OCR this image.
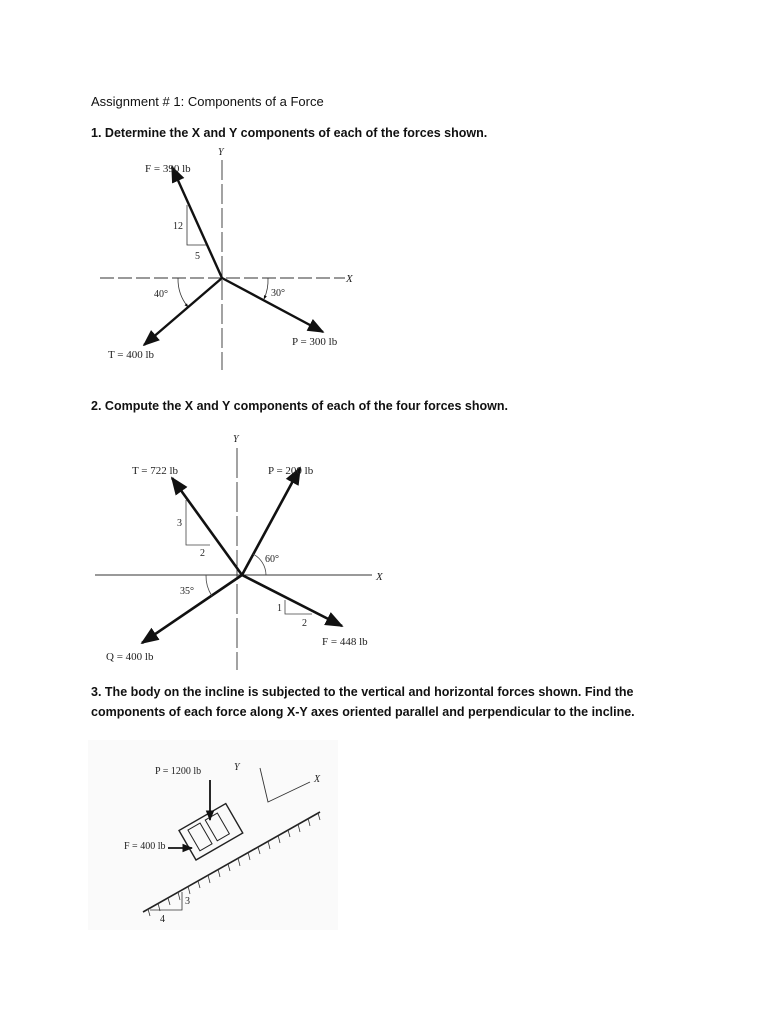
Assignment # 1: Components of a Force
1. Determine the X and Y components of each of the forces shown.
X
Y
F = 390 lb
12
5
T = 400 lb
40°
P = 300 lb
30°
2. Compute the X and Y components of each of the four forces shown.
X
Y
T = 722 lb
3
2
P = 200 lb
60°
Q = 400 lb
35°
F = 448 lb
1
2
3. The body on the incline is subjected to the vertical and horizontal forces shown. Find the components of each force along X-Y axes oriented parallel and perpendicular to the incline.
3
4
P = 1200 lb
F = 400 lb
Y
X
